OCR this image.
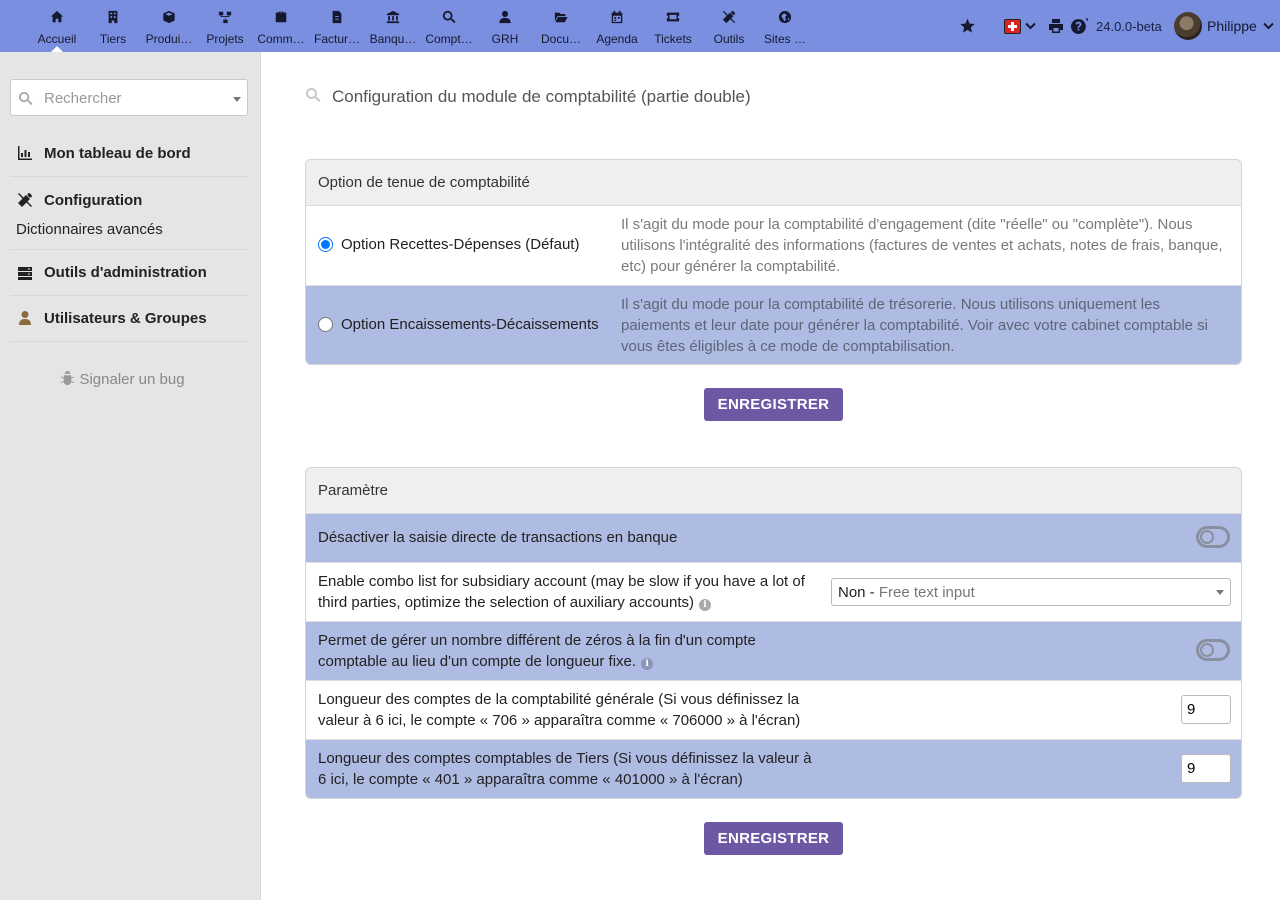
Accueil	Tiers	Produi…	Projets	Comm… Factur… Banqu… Compt…	GRH	Docu…	Agenda	Tickets	Outils	Sites …
24.0.0-beta	Philippe
Rechercher
Mon tableau de bord
Configuration
Dictionnaires avancés
Outils d'administration
Utilisateurs & Groupes
Signaler un bug
Configuration du module de comptabilité (partie double)
Option de tenue de comptabilité
Option Recettes-Dépenses (Défaut)
Il s'agit du mode pour la comptabilité d'engagement (dite "réelle" ou "complète"). Nous utilisons l'intégralité des informations (factures de ventes et achats, notes de frais, banque, etc) pour générer la comptabilité.
Option Encaissements-Décaissements
Il s'agit du mode pour la comptabilité de trésorerie. Nous utilisons uniquement les paiements et leur date pour générer la comptabilité. Voir avec votre cabinet comptable si vous êtes éligibles à ce mode de comptabilisation.
ENREGISTRER
Paramètre
Désactiver la saisie directe de transactions en banque
Enable combo list for subsidiary account (may be slow if you have a lot of third parties, optimize the selection of auxiliary accounts) i
Non - Free text input
Permet de gérer un nombre différent de zéros à la fin d'un compte comptable au lieu d'un compte de longueur fixe. i
Longueur des comptes de la comptabilité générale (Si vous définissez la valeur à 6 ici, le compte « 706 » apparaîtra comme « 706000 » à l'écran)
9
Longueur des comptes comptables de Tiers (Si vous définissez la valeur à 6 ici, le compte « 401 » apparaîtra comme « 401000 » à l'écran)
9
ENREGISTRER
